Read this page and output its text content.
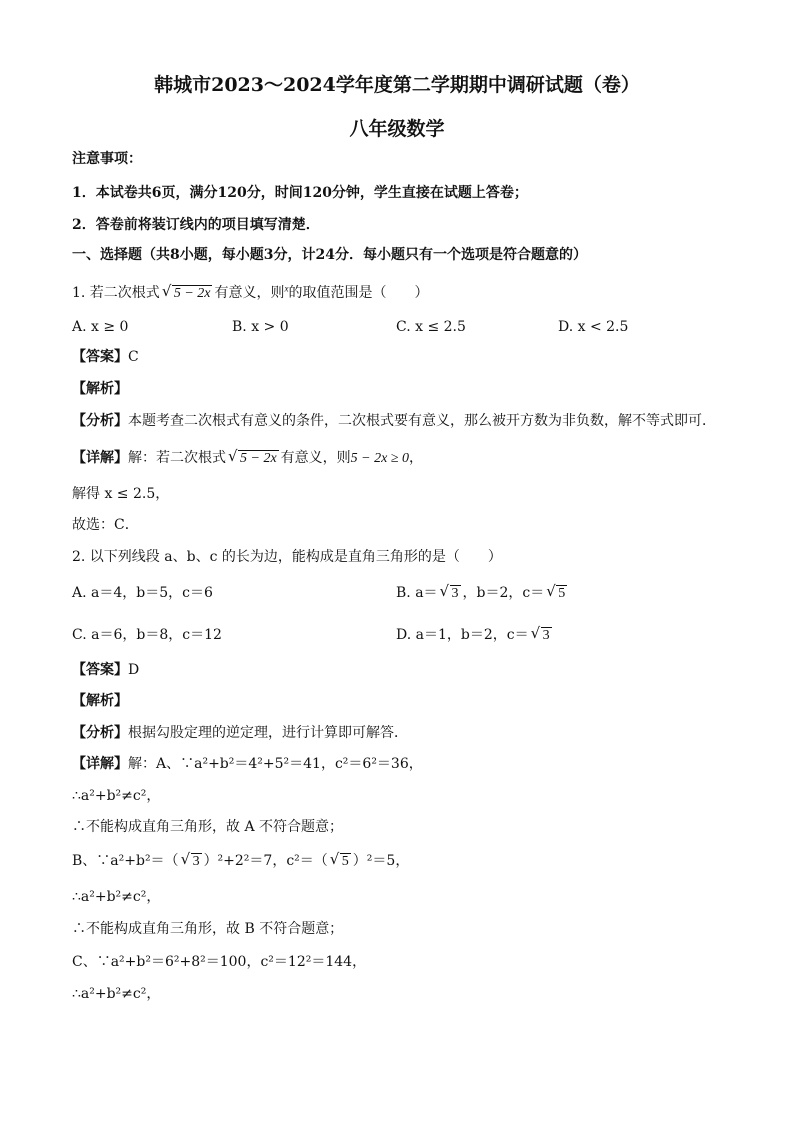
韩城市2023～2024学年度第二学期期中调研试题（卷）
八年级数学
注意事项：
1．本试卷共6页，满分120分，时间120分钟，学生直接在试题上答卷；
2．答卷前将装订线内的项目填写清楚．
一、选择题（共8小题，每小题3分，计24分．每小题只有一个选项是符合题意的）
1. 若二次根式 √ 5 − 2x 有意义，则$^x$的取值范围是（　　）
A. x ≥ 0	B. x > 0	C. x ≤ 2.5	D. x < 2.5
【答案】C
【解析】
【分析】本题考查二次根式有意义的条件，二次根式要有意义，那么被开方数为非负数，解不等式即可．
【详解】解：若二次根式 √ 5 − 2x 有意义，则5 − 2x ≥ 0，
解得 x ≤ 2.5，
故选：C．
2. 以下列线段 a、b、c 的长为边，能构成是直角三角形的是（　　）
A. a＝4，b＝5，c＝6	B. a＝ √ 3 ，b＝2，c＝ √ 5
C. a＝6，b＝8，c＝12	D. a＝1，b＝2，c＝ √ 3
【答案】D
【解析】
【分析】根据勾股定理的逆定理，进行计算即可解答．
【详解】解：A、∵a²+b²＝4²+5²＝41，c²＝6²＝36，
∴a²+b²≠c²，
∴不能构成直角三角形，故 A 不符合题意；
B、∵a²+b²＝（ √ 3 ）²+2²＝7，c²＝（ √ 5 ）²＝5，
∴a²+b²≠c²，
∴不能构成直角三角形，故 B 不符合题意；
C、∵a²+b²＝6²+8²＝100，c²＝12²＝144，
∴a²+b²≠c²，
